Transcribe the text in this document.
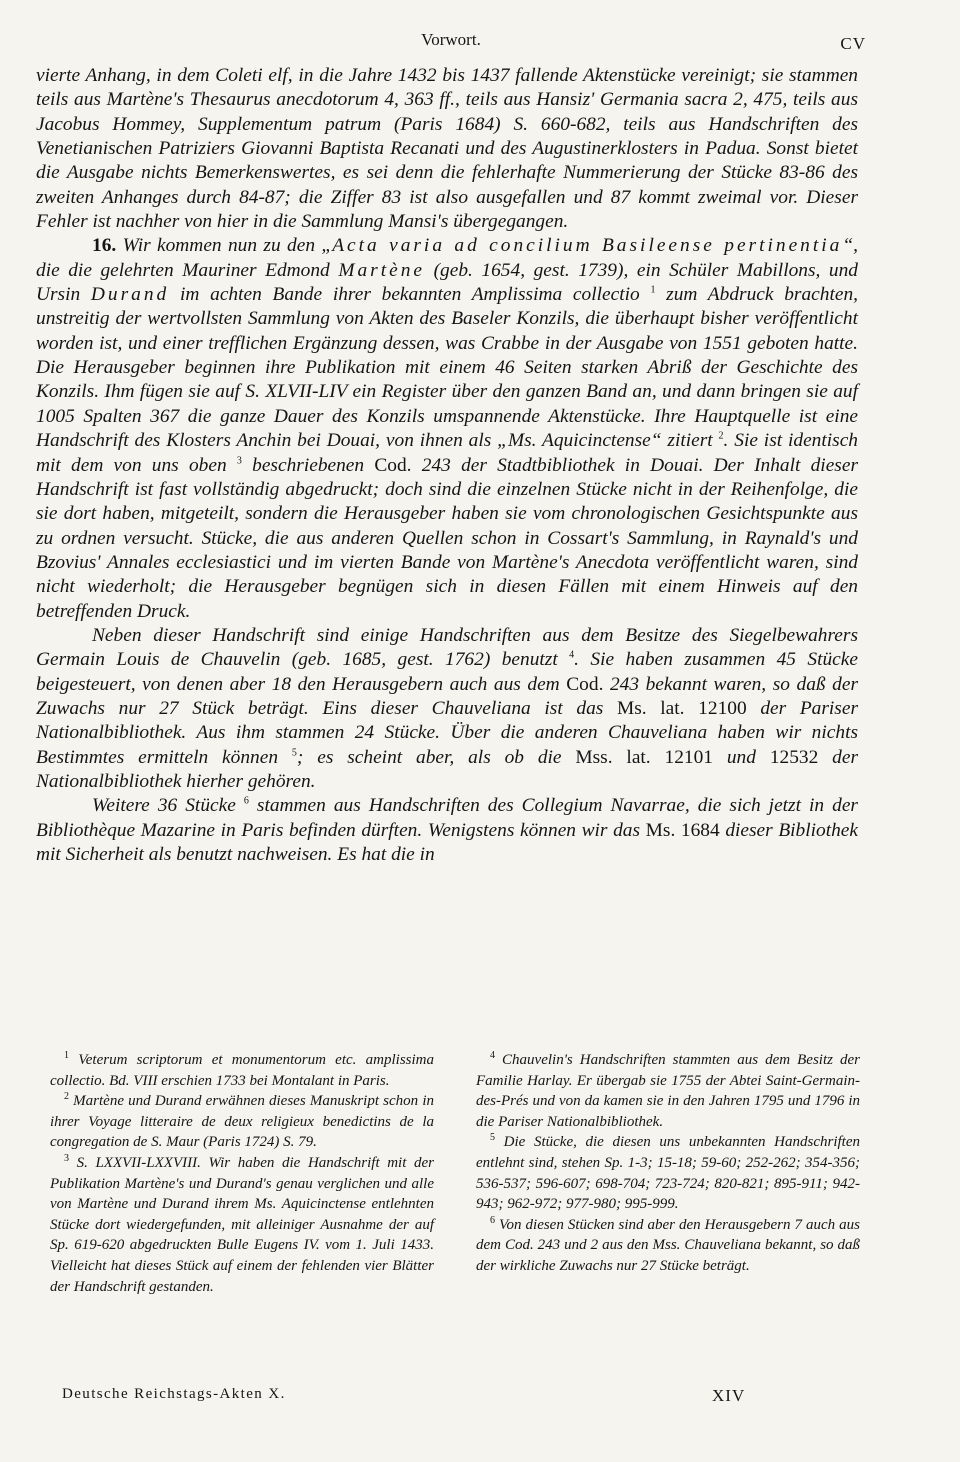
Vorwort.	CV

vierte Anhang, in dem Coleti elf, in die Jahre 1432 bis 1437 fallende Aktenstücke vereinigt; sie stammen teils aus Martène's Thesaurus anecdotorum 4, 363 ff., teils aus Hansiz' Germania sacra 2, 475, teils aus Jacobus Hommey, Supplementum patrum (Paris 1684) S. 660-682, teils aus Handschriften des Venetianischen Patriziers Giovanni Baptista Recanati und des Augustinerklosters in Padua. Sonst bietet die Ausgabe nichts Bemerkenswertes, es sei denn die fehlerhafte Nummerierung der Stücke 83-86 des zweiten Anhanges durch 84-87; die Ziffer 83 ist also ausgefallen und 87 kommt zweimal vor. Dieser Fehler ist nachher von hier in die Sammlung Mansi's übergegangen.

16. Wir kommen nun zu den „Acta varia ad concilium Basileense pertinentia“, die die gelehrten Mauriner Edmond Martène (geb. 1654, gest. 1739), ein Schüler Mabillons, und Ursin Durand im achten Bande ihrer bekannten Amplissima collectio $^1$ zum Abdruck brachten, unstreitig der wertvollsten Sammlung von Akten des Baseler Konzils, die überhaupt bisher veröffentlicht worden ist, und einer trefflichen Ergänzung dessen, was Crabbe in der Ausgabe von 1551 geboten hatte. Die Herausgeber beginnen ihre Publikation mit einem 46 Seiten starken Abriß der Geschichte des Konzils. Ihm fügen sie auf S. XLVII-LIV ein Register über den ganzen Band an, und dann bringen sie auf 1005 Spalten 367 die ganze Dauer des Konzils umspannende Aktenstücke. Ihre Hauptquelle ist eine Handschrift des Klosters Anchin bei Douai, von ihnen als „Ms. Aquicinctense“ zitiert $^2$. Sie ist identisch mit dem von uns oben $^3$ beschriebenen Cod. 243 der Stadtbibliothek in Douai. Der Inhalt dieser Handschrift ist fast vollständig abgedruckt; doch sind die einzelnen Stücke nicht in der Reihenfolge, die sie dort haben, mitgeteilt, sondern die Herausgeber haben sie vom chronologischen Gesichtspunkte aus zu ordnen versucht. Stücke, die aus anderen Quellen schon in Cossart's Sammlung, in Raynald's und Bzovius' Annales ecclesiastici und im vierten Bande von Martène's Anecdota veröffentlicht waren, sind nicht wiederholt; die Herausgeber begnügen sich in diesen Fällen mit einem Hinweis auf den betreffenden Druck.

Neben dieser Handschrift sind einige Handschriften aus dem Besitze des Siegelbewahrers Germain Louis de Chauvelin (geb. 1685, gest. 1762) benutzt $^4$. Sie haben zusammen 45 Stücke beigesteuert, von denen aber 18 den Herausgebern auch aus dem Cod. 243 bekannt waren, so daß der Zuwachs nur 27 Stück beträgt. Eins dieser Chauveliana ist das Ms. lat. 12100 der Pariser Nationalbibliothek. Aus ihm stammen 24 Stücke. Über die anderen Chauveliana haben wir nichts Bestimmtes ermitteln können $^5$; es scheint aber, als ob die Mss. lat. 12101 und 12532 der Nationalbibliothek hierher gehören.

Weitere 36 Stücke $^6$ stammen aus Handschriften des Collegium Navarrae, die sich jetzt in der Bibliothèque Mazarine in Paris befinden dürften. Wenigstens können wir das Ms. 1684 dieser Bibliothek mit Sicherheit als benutzt nachweisen. Es hat die in

$^1$ Veterum scriptorum et monumentorum etc. amplissima collectio. Bd. VIII erschien 1733 bei Montalant in Paris.

$^2$ Martène und Durand erwähnen dieses Manuskript schon in ihrer Voyage litteraire de deux religieux benedictins de la congregation de S. Maur (Paris 1724) S. 79.

$^3$ S. LXXVII-LXXVIII. Wir haben die Handschrift mit der Publikation Martène's und Durand's genau verglichen und alle von Martène und Durand ihrem Ms. Aquicinctense entlehnten Stücke dort wiedergefunden, mit alleiniger Ausnahme der auf Sp. 619-620 abgedruckten Bulle Eugens IV. vom 1. Juli 1433. Vielleicht hat dieses Stück auf einem der fehlenden vier Blätter der Handschrift gestanden.

$^4$ Chauvelin's Handschriften stammten aus dem Besitz der Familie Harlay. Er übergab sie 1755 der Abtei Saint-Germain-des-Prés und von da kamen sie in den Jahren 1795 und 1796 in die Pariser Nationalbibliothek.

$^5$ Die Stücke, die diesen uns unbekannten Handschriften entlehnt sind, stehen Sp. 1-3; 15-18; 59-60; 252-262; 354-356; 536-537; 596-607; 698-704; 723-724; 820-821; 895-911; 942-943; 962-972; 977-980; 995-999.

$^6$ Von diesen Stücken sind aber den Herausgebern 7 auch aus dem Cod. 243 und 2 aus den Mss. Chauveliana bekannt, so daß der wirkliche Zuwachs nur 27 Stücke beträgt.

Deutsche Reichstags-Akten X.	XIV
